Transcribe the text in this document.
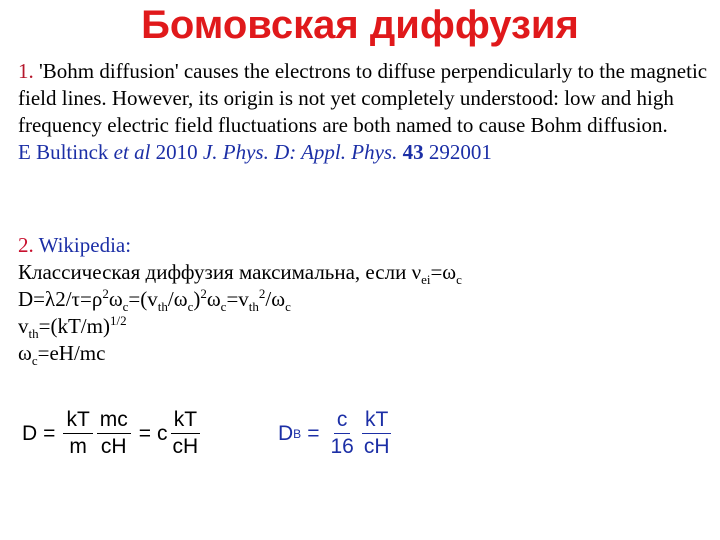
Бомовская диффузия
1. 'Bohm diffusion' causes the electrons to diffuse perpendicularly to the magnetic field lines. However, its origin is not yet completely understood: low and high frequency electric field fluctuations are both named to cause Bohm diffusion.
E Bultinck et al 2010 J. Phys. D: Appl. Phys. 43 292001
2. Wikipedia:
Классическая диффузия максимальна, если $\nu_{ei}=\omega_c$
$D=\lambda 2/\tau=\rho^2\omega_c=(v_{th}/\omega_c)^2\omega_c=v_{th}^2/\omega_c$
$v_{th}=(kT/m)^{1/2}$
$\omega_c=eH/mc$
$D = \frac{kT}{m} \frac{mc}{cH} = c \frac{kT}{cH}$	D $B = \frac{c}{16} \frac{kT}{cH}$
